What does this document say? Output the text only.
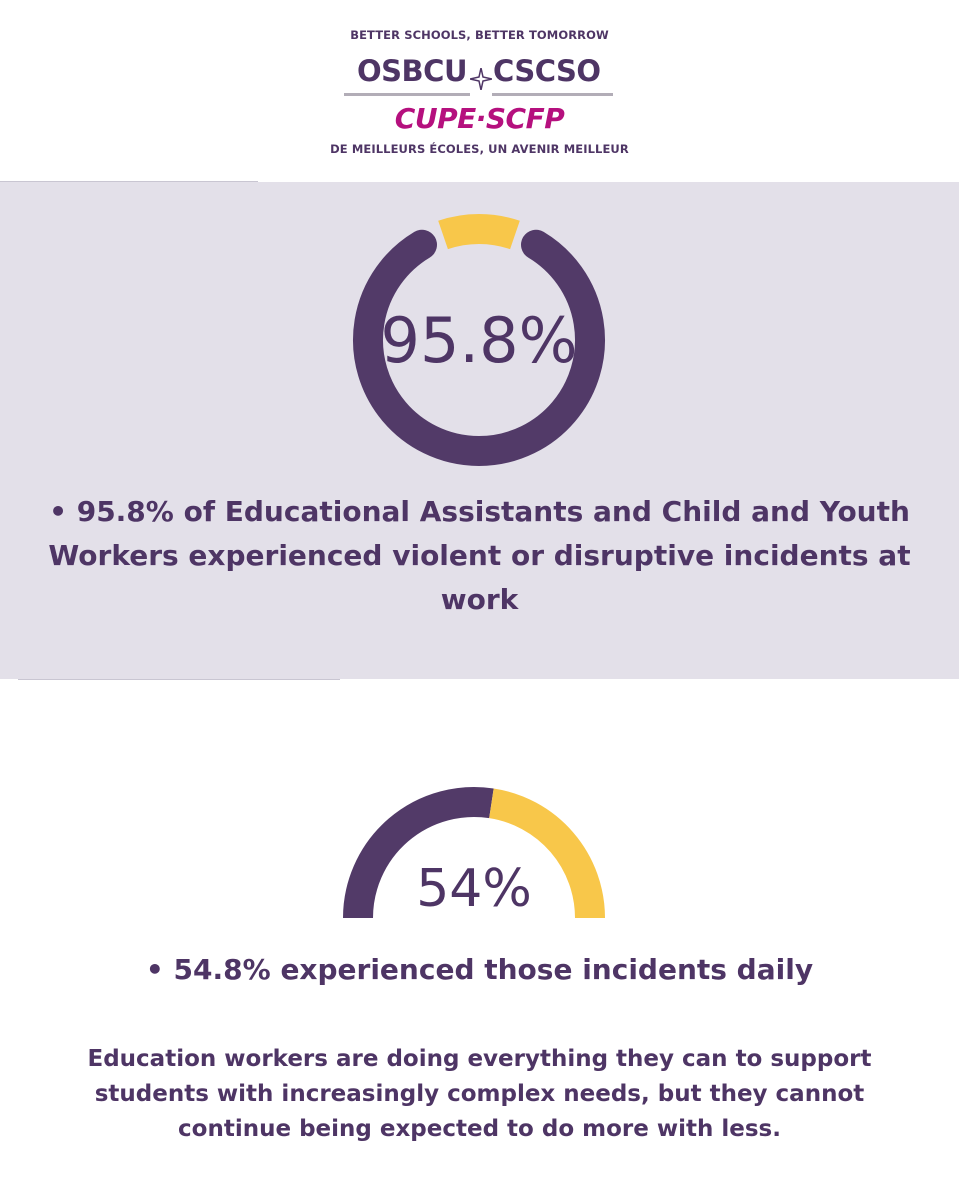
BETTER SCHOOLS, BETTER TOMORROW
OSBCU CSCSO
CUPE·SCFP
DE MEILLEURS ÉCOLES, UN AVENIR MEILLEUR
95.8%
54%
• 95.8% of Educational Assistants and Child and Youth Workers experienced violent or disruptive incidents at work
• 54.8% experienced those incidents daily
Education workers are doing everything they can to support students with increasingly complex needs, but they cannot continue being expected to do more with less.
